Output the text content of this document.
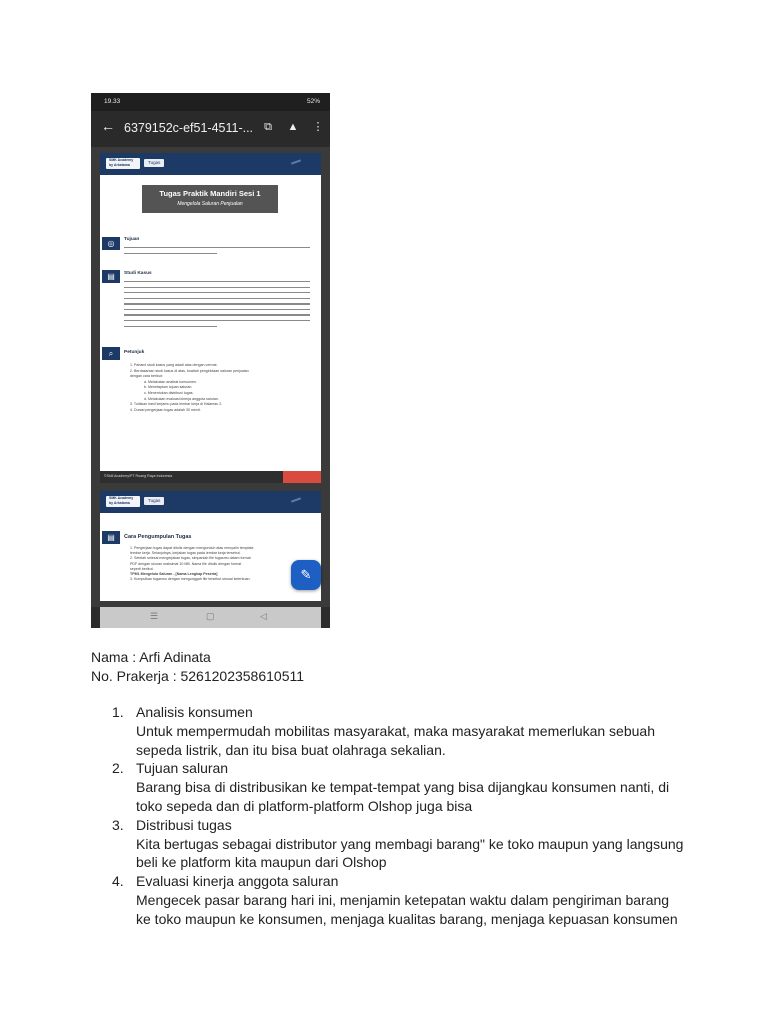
19.33	52%
← 6379152c-ef51-4511-... ⧉ ▲ ⋮
SMK Academy
by Arkatama	Tugas
Tugas Praktik Mandiri Sesi 1
Mengelola Saluran Penjualan
◎	Tujuan
▤	Studi Kasus
⌕	Petunjuk
1. Pahami studi kasus yang adadi atas dengan cermat.
2. Berdasarkan studi kasus di atas, buatlah pengelolaan saluran penjualan
dengan cara berikut:
a. Melakukan analisis konsumen.
b. Menetapkan tujuan saluran.
c. Menentukan distribusi tugas.
d. Melakukan evaluasi kinerja anggota saluran.
3. Tuliskan hasil kerjamu pada lembar kerja di Halaman 2.
4. Durasi pengerjaan tugas adalah 30 menit.
©Skill Academy/PT Ruang Raya Indonesia
SMK Academy
by Arkatama	Tugas
▤	Cara Pengumpulan Tugas
1. Pengerjaan tugas dapat ditulis dengan mengunduh atau menyalin template
lembar kerja. Selanjutnya, kerjakan tugas pada lembar kerja tersebut.
2. Setelah selesai mengerjakan tugas, simpanlah file tugasmu dalam format
PDF dengan ukuran maksimal 10 MB. Nama file ditulis dengan format
seperti berikut.
TPM1 Mengelola Saluran - [Nama Lengkap Peserta]
3. Kumpulkan tugasmu dengan mengunggah file tersebut sesuai ketentuan.	✎
☰	▢	◁
Nama : Arfi Adinata
No. Prakerja : 5261202358610511
1. Analisis konsumen
Untuk mempermudah mobilitas masyarakat, maka masyarakat memerlukan sebuah
sepeda listrik, dan itu bisa buat olahraga sekalian.
2. Tujuan saluran
Barang bisa di distribusikan ke tempat-tempat yang bisa dijangkau konsumen nanti, di
toko sepeda dan di platform-platform Olshop juga bisa
3. Distribusi tugas
Kita bertugas sebagai distributor yang membagi barang" ke toko maupun yang langsung
beli ke platform kita maupun dari Olshop
4. Evaluasi kinerja anggota saluran
Mengecek pasar barang hari ini, menjamin ketepatan waktu dalam pengiriman barang
ke toko maupun ke konsumen, menjaga kualitas barang, menjaga kepuasan konsumen
